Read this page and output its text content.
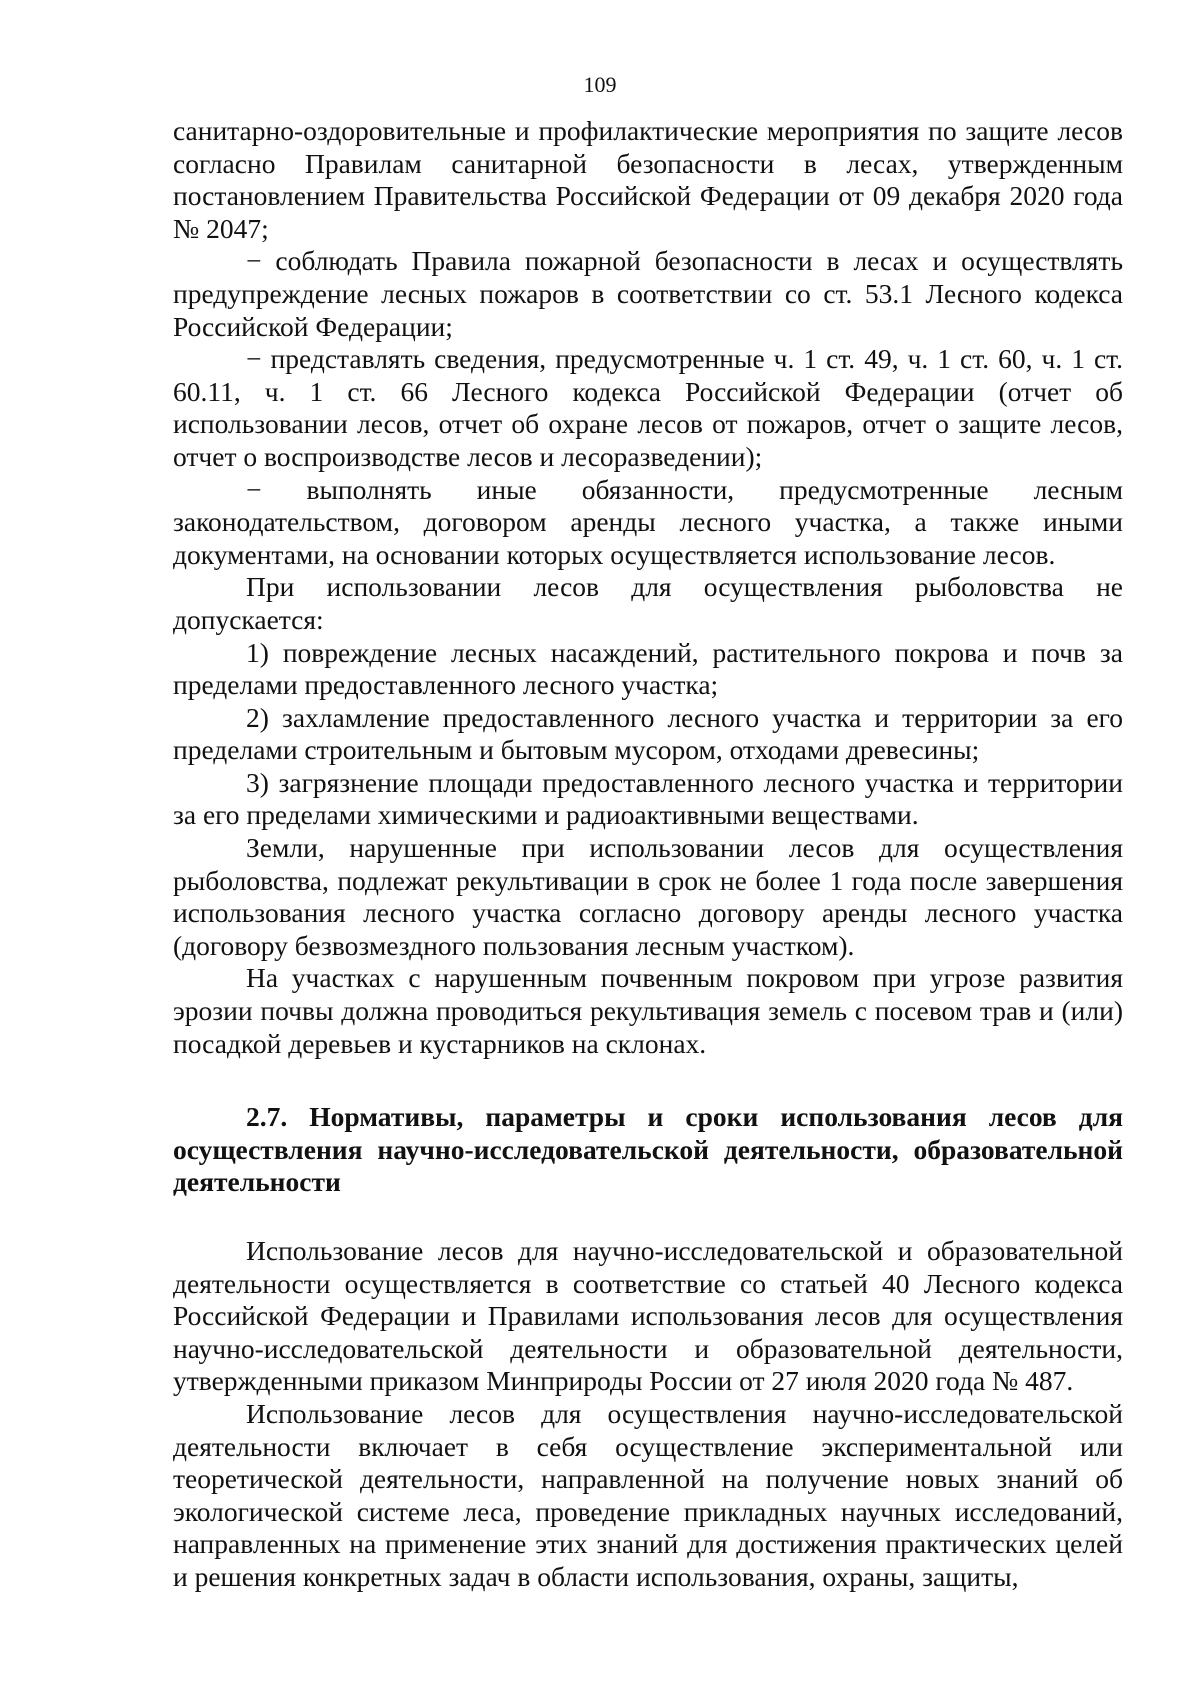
109

санитарно-оздоровительные и профилактические мероприятия по защите лесов согласно Правилам санитарной безопасности в лесах, утвержденным постановлением Правительства Российской Федерации от 09 декабря 2020 года № 2047;

− соблюдать Правила пожарной безопасности в лесах и осуществлять предупреждение лесных пожаров в соответствии со ст. 53.1 Лесного кодекса Российской Федерации;

− представлять сведения, предусмотренные ч. 1 ст. 49, ч. 1 ст. 60, ч. 1 ст. 60.11, ч. 1 ст. 66 Лесного кодекса Российской Федерации (отчет об использовании лесов, отчет об охране лесов от пожаров, отчет о защите лесов, отчет о воспроизводстве лесов и лесоразведении);

− выполнять иные обязанности, предусмотренные лесным законодательством, договором аренды лесного участка, а также иными документами, на основании которых осуществляется использование лесов.

При использовании лесов для осуществления рыболовства не допускается:

1) повреждение лесных насаждений, растительного покрова и почв за пределами предоставленного лесного участка;

2) захламление предоставленного лесного участка и территории за его пределами строительным и бытовым мусором, отходами древесины;

3) загрязнение площади предоставленного лесного участка и территории за его пределами химическими и радиоактивными веществами.

Земли, нарушенные при использовании лесов для осуществления рыболовства, подлежат рекультивации в срок не более 1 года после завершения использования лесного участка согласно договору аренды лесного участка (договору безвозмездного пользования лесным участком).

На участках с нарушенным почвенным покровом при угрозе развития эрозии почвы должна проводиться рекультивация земель с посевом трав и (или) посадкой деревьев и кустарников на склонах.

2.7. Нормативы, параметры и сроки использования лесов для осуществления научно-исследовательской деятельности, образовательной деятельности

Использование лесов для научно-исследовательской и образовательной деятельности осуществляется в соответствие со статьей 40 Лесного кодекса Российской Федерации и Правилами использования лесов для осуществления научно-исследовательской деятельности и образовательной деятельности, утвержденными приказом Минприроды России от 27 июля 2020 года № 487.

Использование лесов для осуществления научно-исследовательской деятельности включает в себя осуществление экспериментальной или теоретической деятельности, направленной на получение новых знаний об экологической системе леса, проведение прикладных научных исследований, направленных на применение этих знаний для достижения практических целей и решения конкретных задач в области использования, охраны, защиты,
